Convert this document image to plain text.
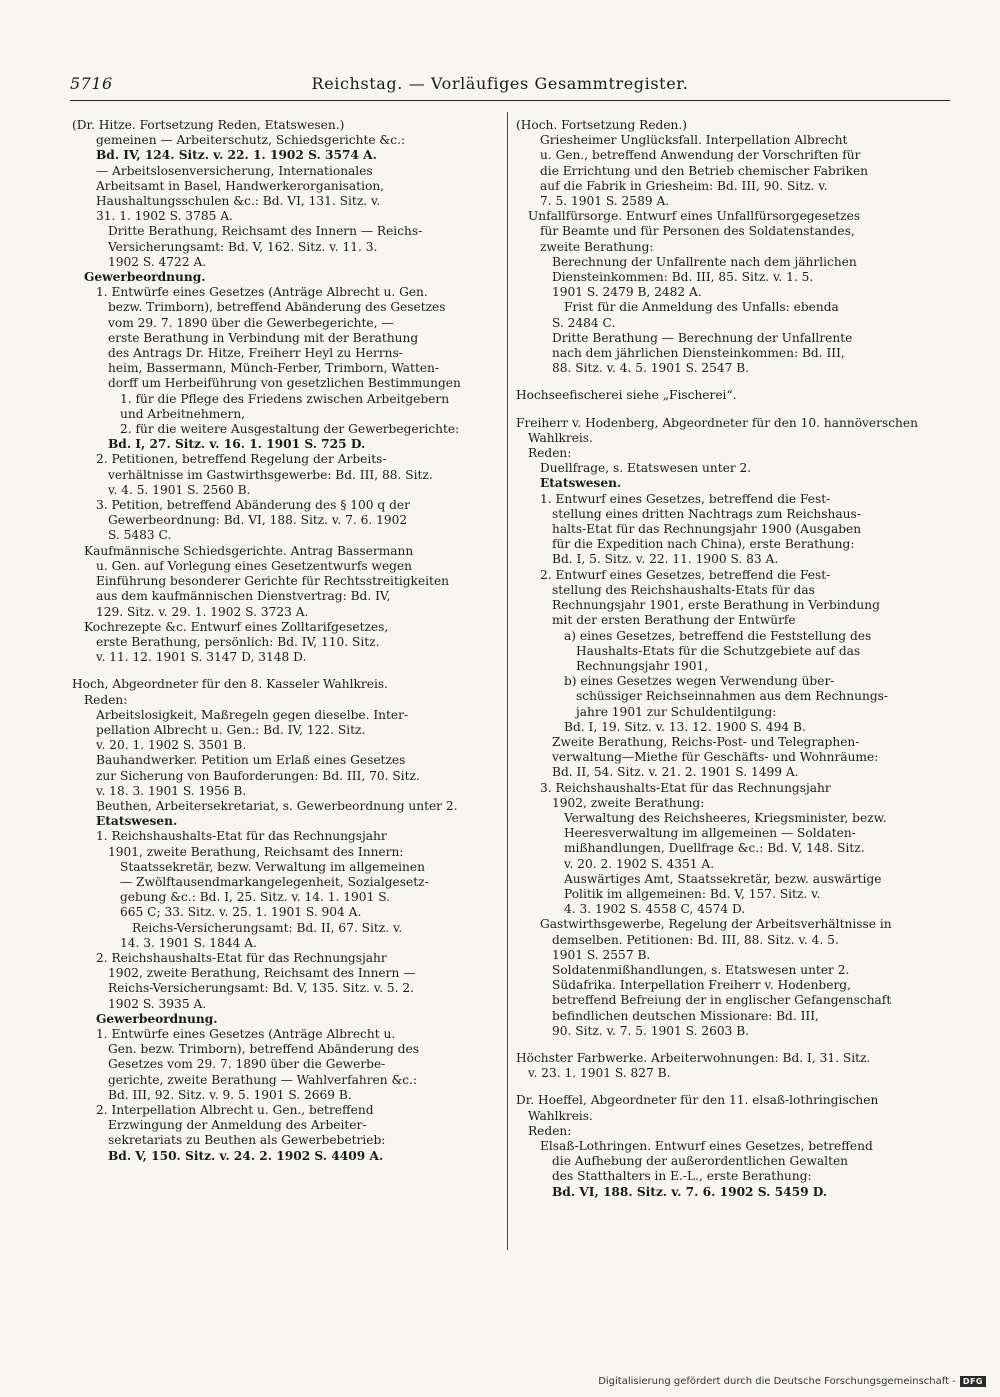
5716	Reichstag. — Vorläufiges Gesammtregister.
(Dr. Hitze. Fortsetzung Reden, Etatswesen.)
gemeinen — Arbeiterschutz, Schiedsgerichte &c.:
Bd. IV, 124. Sitz. v. 22. 1. 1902 S. 3574 A.
— Arbeitslosenversicherung, Internationales
Arbeitsamt in Basel, Handwerkerorganisation,
Haushaltungsschulen &c.: Bd. VI, 131. Sitz. v.
31. 1. 1902 S. 3785 A.
Dritte Berathung, Reichsamt des Innern — Reichs-
Versicherungsamt: Bd. V, 162. Sitz. v. 11. 3.
1902 S. 4722 A.
Gewerbeordnung.
1. Entwürfe eines Gesetzes (Anträge Albrecht u. Gen.
bezw. Trimborn), betreffend Abänderung des Gesetzes
vom 29. 7. 1890 über die Gewerbegerichte, —
erste Berathung in Verbindung mit der Berathung
des Antrags Dr. Hitze, Freiherr Heyl zu Herrns-
heim, Bassermann, Münch-Ferber, Trimborn, Watten-
dorff um Herbeiführung von gesetzlichen Bestimmungen
1. für die Pflege des Friedens zwischen Arbeitgebern
und Arbeitnehmern,
2. für die weitere Ausgestaltung der Gewerbegerichte:
Bd. I, 27. Sitz. v. 16. 1. 1901 S. 725 D.
2. Petitionen, betreffend Regelung der Arbeits-
verhältnisse im Gastwirthsgewerbe: Bd. III, 88. Sitz.
v. 4. 5. 1901 S. 2560 B.
3. Petition, betreffend Abänderung des § 100 q der
Gewerbeordnung: Bd. VI, 188. Sitz. v. 7. 6. 1902
S. 5483 C.
Kaufmännische Schiedsgerichte. Antrag Bassermann
u. Gen. auf Vorlegung eines Gesetzentwurfs wegen
Einführung besonderer Gerichte für Rechtsstreitigkeiten
aus dem kaufmännischen Dienstvertrag: Bd. IV,
129. Sitz. v. 29. 1. 1902 S. 3723 A.
Kochrezepte &c. Entwurf eines Zolltarifgesetzes,
erste Berathung, persönlich: Bd. IV, 110. Sitz.
v. 11. 12. 1901 S. 3147 D, 3148 D.
Hoch, Abgeordneter für den 8. Kasseler Wahlkreis.
Reden:
Arbeitslosigkeit, Maßregeln gegen dieselbe. Inter-
pellation Albrecht u. Gen.: Bd. IV, 122. Sitz.
v. 20. 1. 1902 S. 3501 B.
Bauhandwerker. Petition um Erlaß eines Gesetzes
zur Sicherung von Bauforderungen: Bd. III, 70. Sitz.
v. 18. 3. 1901 S. 1956 B.
Beuthen, Arbeitersekretariat, s. Gewerbeordnung unter 2.
Etatswesen.
1. Reichshaushalts-Etat für das Rechnungsjahr
1901, zweite Berathung, Reichsamt des Innern:
Staatssekretär, bezw. Verwaltung im allgemeinen
— Zwölftausendmarkangelegenheit, Sozialgesetz-
gebung &c.: Bd. I, 25. Sitz. v. 14. 1. 1901 S.
665 C; 33. Sitz. v. 25. 1. 1901 S. 904 A.
Reichs-Versicherungsamt: Bd. II, 67. Sitz. v.
14. 3. 1901 S. 1844 A.
2. Reichshaushalts-Etat für das Rechnungsjahr
1902, zweite Berathung, Reichsamt des Innern —
Reichs-Versicherungsamt: Bd. V, 135. Sitz. v. 5. 2.
1902 S. 3935 A.
Gewerbeordnung.
1. Entwürfe eines Gesetzes (Anträge Albrecht u.
Gen. bezw. Trimborn), betreffend Abänderung des
Gesetzes vom 29. 7. 1890 über die Gewerbe-
gerichte, zweite Berathung — Wahlverfahren &c.:
Bd. III, 92. Sitz. v. 9. 5. 1901 S. 2669 B.
2. Interpellation Albrecht u. Gen., betreffend
Erzwingung der Anmeldung des Arbeiter-
sekretariats zu Beuthen als Gewerbebetrieb:
Bd. V, 150. Sitz. v. 24. 2. 1902 S. 4409 A.
(Hoch. Fortsetzung Reden.)
Griesheimer Unglücksfall. Interpellation Albrecht
u. Gen., betreffend Anwendung der Vorschriften für
die Errichtung und den Betrieb chemischer Fabriken
auf die Fabrik in Griesheim: Bd. III, 90. Sitz. v.
7. 5. 1901 S. 2589 A.
Unfallfürsorge. Entwurf eines Unfallfürsorgegesetzes
für Beamte und für Personen des Soldatenstandes,
zweite Berathung:
Berechnung der Unfallrente nach dem jährlichen
Diensteinkommen: Bd. III, 85. Sitz. v. 1. 5.
1901 S. 2479 B, 2482 A.
Frist für die Anmeldung des Unfalls: ebenda
S. 2484 C.
Dritte Berathung — Berechnung der Unfallrente
nach dem jährlichen Diensteinkommen: Bd. III,
88. Sitz. v. 4. 5. 1901 S. 2547 B.
Hochseefischerei siehe „Fischerei“.
Freiherr v. Hodenberg, Abgeordneter für den 10. hannöverschen
Wahlkreis.
Reden:
Duellfrage, s. Etatswesen unter 2.
Etatswesen.
1. Entwurf eines Gesetzes, betreffend die Fest-
stellung eines dritten Nachtrags zum Reichshaus-
halts-Etat für das Rechnungsjahr 1900 (Ausgaben
für die Expedition nach China), erste Berathung:
Bd. I, 5. Sitz. v. 22. 11. 1900 S. 83 A.
2. Entwurf eines Gesetzes, betreffend die Fest-
stellung des Reichshaushalts-Etats für das
Rechnungsjahr 1901, erste Berathung in Verbindung
mit der ersten Berathung der Entwürfe
a) eines Gesetzes, betreffend die Feststellung des
Haushalts-Etats für die Schutzgebiete auf das
Rechnungsjahr 1901,
b) eines Gesetzes wegen Verwendung über-
schüssiger Reichseinnahmen aus dem Rechnungs-
jahre 1901 zur Schuldentilgung:
Bd. I, 19. Sitz. v. 13. 12. 1900 S. 494 B.
Zweite Berathung, Reichs-Post- und Telegraphen-
verwaltung—Miethe für Geschäfts- und Wohnräume:
Bd. II, 54. Sitz. v. 21. 2. 1901 S. 1499 A.
3. Reichshaushalts-Etat für das Rechnungsjahr
1902, zweite Berathung:
Verwaltung des Reichsheeres, Kriegsminister, bezw.
Heeresverwaltung im allgemeinen — Soldaten-
mißhandlungen, Duellfrage &c.: Bd. V, 148. Sitz.
v. 20. 2. 1902 S. 4351 A.
Auswärtiges Amt, Staatssekretär, bezw. auswärtige
Politik im allgemeinen: Bd. V, 157. Sitz. v.
4. 3. 1902 S. 4558 C, 4574 D.
Gastwirthsgewerbe, Regelung der Arbeitsverhältnisse in
demselben. Petitionen: Bd. III, 88. Sitz. v. 4. 5.
1901 S. 2557 B.
Soldatenmißhandlungen, s. Etatswesen unter 2.
Südafrika. Interpellation Freiherr v. Hodenberg,
betreffend Befreiung der in englischer Gefangenschaft
befindlichen deutschen Missionare: Bd. III,
90. Sitz. v. 7. 5. 1901 S. 2603 B.
Höchster Farbwerke. Arbeiterwohnungen: Bd. I, 31. Sitz.
v. 23. 1. 1901 S. 827 B.
Dr. Hoeffel, Abgeordneter für den 11. elsaß-lothringischen
Wahlkreis.
Reden:
Elsaß-Lothringen. Entwurf eines Gesetzes, betreffend
die Aufhebung der außerordentlichen Gewalten
des Statthalters in E.-L., erste Berathung:
Bd. VI, 188. Sitz. v. 7. 6. 1902 S. 5459 D.
Digitalisierung gefördert durch die Deutsche Forschungsgemeinschaft - DFG
